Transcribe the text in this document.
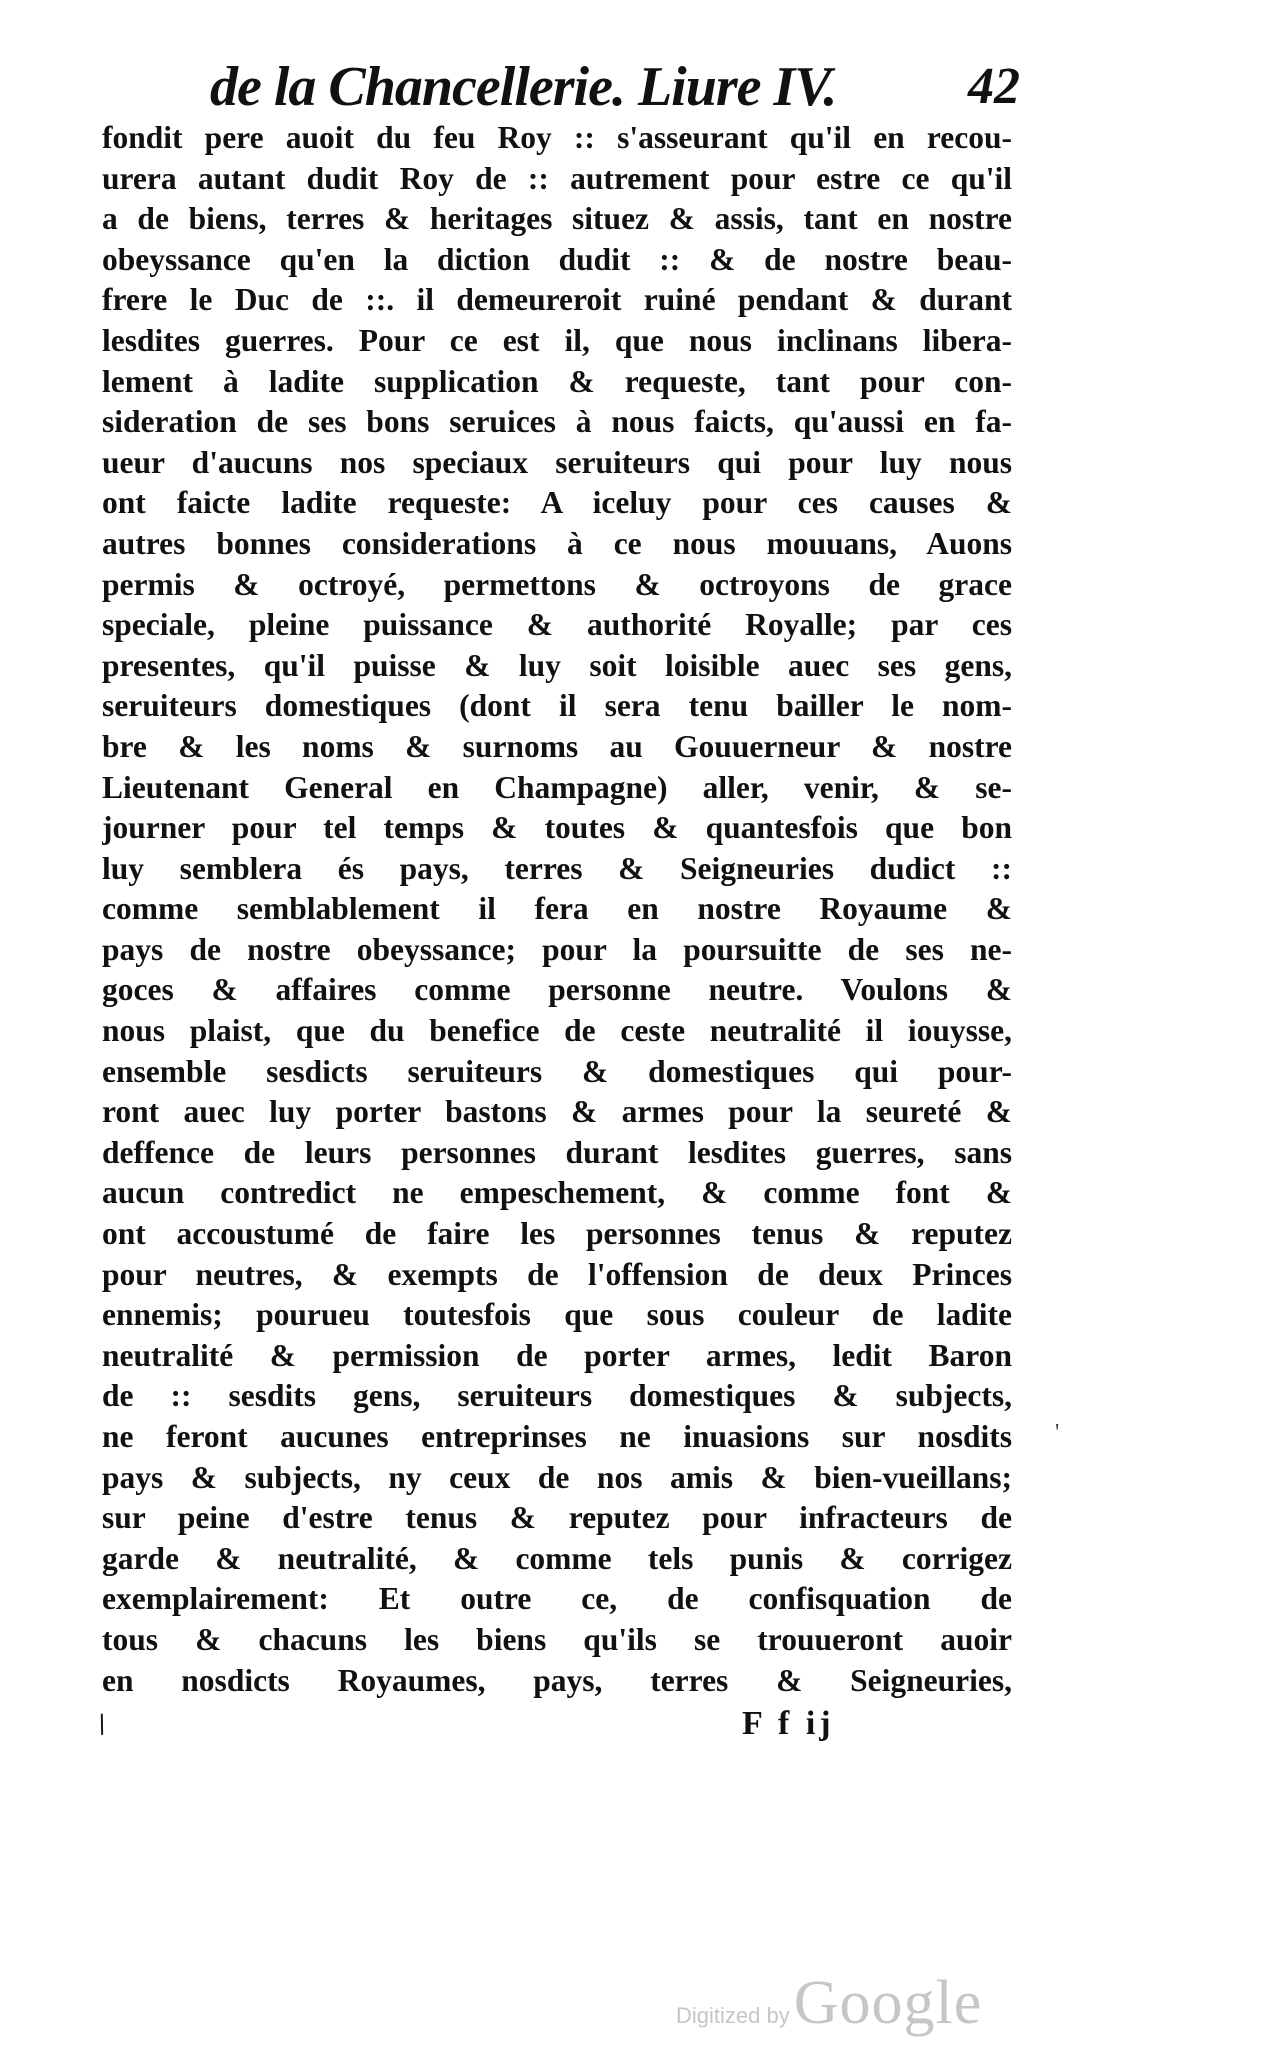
de la Chancellerie. Liure IV.	42
fondit pere auoit du feu Roy :: s'asseurant qu'il en recou-
urera autant dudit Roy de :: autrement pour estre ce qu'il
a de biens, terres & heritages situez & assis, tant en nostre
obeyssance qu'en la diction dudit :: & de nostre beau-
frere le Duc de ::. il demeureroit ruiné pendant & durant
lesdites guerres. Pour ce est il, que nous inclinans libera-
lement à ladite supplication & requeste, tant pour con-
sideration de ses bons seruices à nous faicts, qu'aussi en fa-
ueur d'aucuns nos speciaux seruiteurs qui pour luy nous
ont faicte ladite requeste: A iceluy pour ces causes &
autres bonnes considerations à ce nous mouuans, Auons
permis & octroyé, permettons & octroyons de grace
speciale, pleine puissance & authorité Royalle; par ces
presentes, qu'il puisse & luy soit loisible auec ses gens,
seruiteurs domestiques (dont il sera tenu bailler le nom-
bre & les noms & surnoms au Gouuerneur & nostre
Lieutenant General en Champagne) aller, venir, & se-
journer pour tel temps & toutes & quantesfois que bon
luy semblera és pays, terres & Seigneuries dudict ::
comme semblablement il fera en nostre Royaume &
pays de nostre obeyssance; pour la poursuitte de ses ne-
goces & affaires comme personne neutre. Voulons &
nous plaist, que du benefice de ceste neutralité il iouysse,
ensemble sesdicts seruiteurs & domestiques qui pour-
ront auec luy porter bastons & armes pour la seureté &
deffence de leurs personnes durant lesdites guerres, sans
aucun contredict ne empeschement, & comme font &
ont accoustumé de faire les personnes tenus & reputez
pour neutres, & exempts de l'offension de deux Princes
ennemis; pourueu toutesfois que sous couleur de ladite
neutralité & permission de porter armes, ledit Baron
de :: sesdits gens, seruiteurs domestiques & subjects,
ne feront aucunes entreprinses ne inuasions sur nosdits
pays & subjects, ny ceux de nos amis & bien-vueillans;
sur peine d'estre tenus & reputez pour infracteurs de
garde & neutralité, & comme tels punis & corrigez
exemplairement: Et outre ce, de confisquation de
tous & chacuns les biens qu'ils se trouueront auoir
en nosdicts Royaumes, pays, terres & Seigneuries,
/
'
F f ij
Digitized by Google
